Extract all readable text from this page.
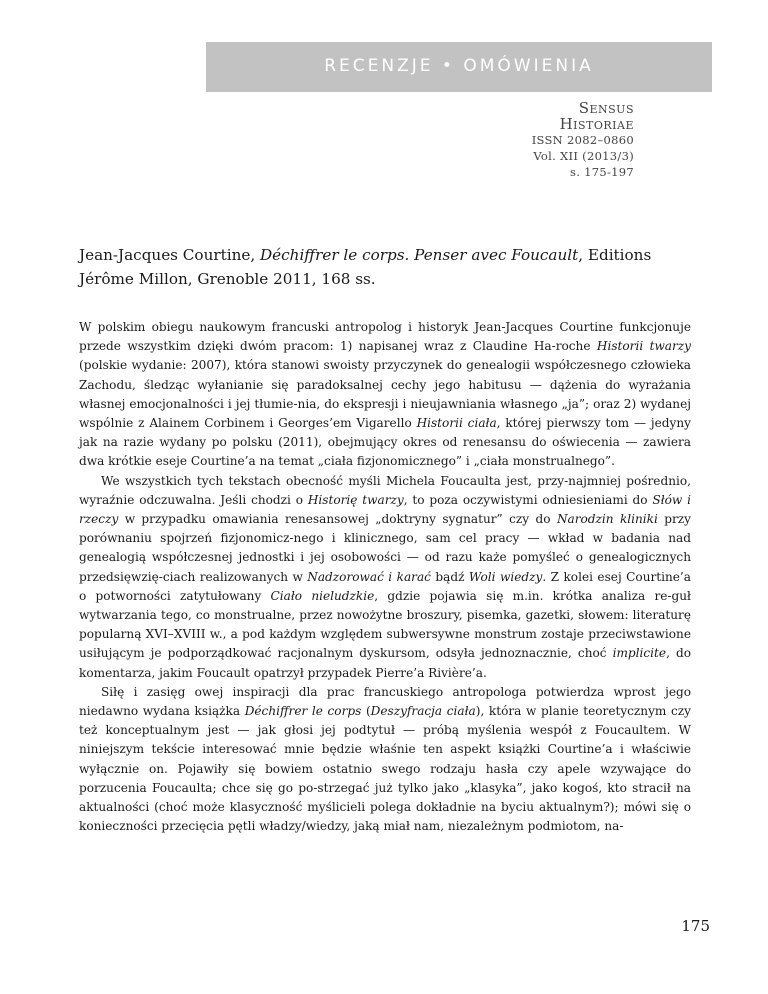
RECENZJE • OMÓWIENIA
Sensus
Historiae
ISSN 2082–0860
Vol. XII (2013/3)
s. 175-197
Jean-Jacques Courtine, Déchiffrer le corps. Penser avec Foucault, Editions Jérôme Millon, Grenoble 2011, 168 ss.

W polskim obiegu naukowym francuski antropolog i historyk Jean-Jacques Courtine funkcjonuje przede wszystkim dzięki dwóm pracom: 1) napisanej wraz z Claudine Ha-roche Historii twarzy (polskie wydanie: 2007), która stanowi swoisty przyczynek do genealogii współczesnego człowieka Zachodu, śledząc wyłanianie się paradoksalnej cechy jego habitusu — dążenia do wyrażania własnej emocjonalności i jej tłumie-nia, do ekspresji i nieujawniania własnego „ja”; oraz 2) wydanej wspólnie z Alainem Corbinem i Georges’em Vigarello Historii ciała, której pierwszy tom — jedyny jak na razie wydany po polsku (2011), obejmujący okres od renesansu do oświecenia — zawiera dwa krótkie eseje Courtine’a na temat „ciała fizjonomicznego” i „ciała monstrualnego”.

We wszystkich tych tekstach obecność myśli Michela Foucaulta jest, przy-najmniej pośrednio, wyraźnie odczuwalna. Jeśli chodzi o Historię twarzy, to poza oczywistymi odniesieniami do Słów i rzeczy w przypadku omawiania renesansowej „doktryny sygnatur” czy do Narodzin kliniki przy porównaniu spojrzeń fizjonomicz-nego i klinicznego, sam cel pracy — wkład w badania nad genealogią współczesnej jednostki i jej osobowości — od razu każe pomyśleć o genealogicznych przedsięwzię-ciach realizowanych w Nadzorować i karać bądź Woli wiedzy. Z kolei esej Courtine’a o potworności zatytułowany Ciało nieludzkie, gdzie pojawia się m.in. krótka analiza re-guł wytwarzania tego, co monstrualne, przez nowożytne broszury, pisemka, gazetki, słowem: literaturę popularną XVI–XVIII w., a pod każdym względem subwersywne monstrum zostaje przeciwstawione usiłującym je podporządkować racjonalnym dyskursom, odsyła jednoznacznie, choć implicite, do komentarza, jakim Foucault opatrzył przypadek Pierre’a Rivière’a.

Siłę i zasięg owej inspiracji dla prac francuskiego antropologa potwierdza wprost jego niedawno wydana książka Déchiffrer le corps (Deszyfracja ciała), która w planie teoretycznym czy też konceptualnym jest — jak głosi jej podtytuł — próbą myślenia wespół z Foucaultem. W niniejszym tekście interesować mnie będzie właśnie ten aspekt książki Courtine’a i właściwie wyłącznie on. Pojawiły się bowiem ostatnio swego rodzaju hasła czy apele wzywające do porzucenia Foucaulta; chce się go po-strzegać już tylko jako „klasyka”, jako kogoś, kto stracił na aktualności (choć może klasyczność myślicieli polega dokładnie na byciu aktualnym?); mówi się o konieczności przecięcia pętli władzy/wiedzy, jaką miał nam, niezależnym podmiotom, na-

175
